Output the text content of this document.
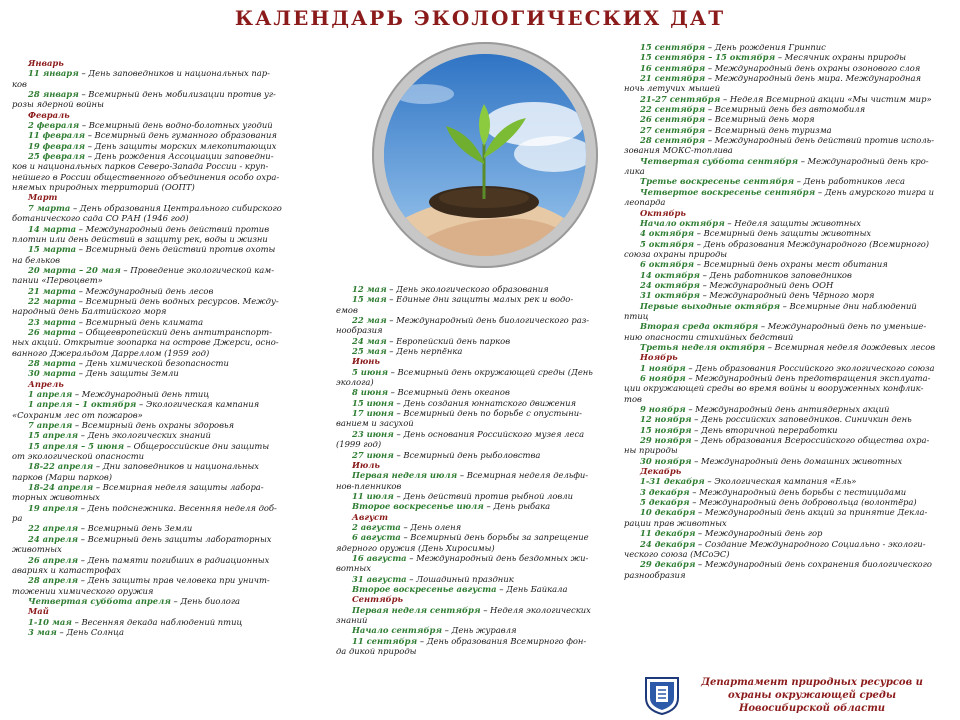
КАЛЕНДАРЬ ЭКОЛОГИЧЕСКИХ ДАТ

Январь

11 января – День заповедников и национальных пар-

ков

28 января – Всемирный день мобилизации против уг-

розы ядерной войны

Февраль

2 февраля – Всемирный день водно-болотных угодий

11 февраля – Всемирный день гуманного образования

19 февраля – День защиты морских млекопитающих

25 февраля – День рождения Ассоциации заповедни-

ков и национальных парков Северо-Запада России - круп-

нейшего в России общественного объединения особо охра-

няемых природных территорий (ООПТ)

Март

7 марта – День образования Центрального сибирского

ботанического сада СО РАН (1946 год)

14 марта – Международный день действий против

плотин или день действий в защиту рек, воды и жизни

15 марта – Всемирный день действий против охоты

на бельков

20 марта – 20 мая – Проведение экологической кам-

пании «Первоцвет»

21 марта – Международный день лесов

22 марта – Всемирный день водных ресурсов. Между-

народный день Балтийского моря

23 марта – Всемирный день климата

26 марта – Общеевропейский день антитранспорт-

ных акций. Открытие зоопарка на острове Джерси, осно-

ванного Джеральдом Дарреллом (1959 год)

28 марта – День химической безопасности

30 марта – День защиты Земли

Апрель

1 апреля – Международный день птиц

1 апреля – 1 октября – Экологическая кампания

«Сохраним лес от пожаров»

7 апреля – Всемирный день охраны здоровья

15 апреля – День экологических знаний

15 апреля – 5 июня – Общероссийские дни защиты

от экологической опасности

18-22 апреля – Дни заповедников и национальных

парков (Марш парков)

18-24 апреля – Всемирная неделя защиты лабора-

торных животных

19 апреля – День подснежника. Весенняя неделя доб-

ра

22 апреля – Всемирный день Земли

24 апреля – Всемирный день защиты лабораторных

животных

26 апреля – День памяти погибших в радиационных

авариях и катастрофах

28 апреля – День защиты прав человека при уничт-

тожении химического оружия

Четвертая суббота апреля – День биолога

Май

1-10 мая – Весенняя декада наблюдений птиц

3 мая – День Солнца

12 мая – День экологического образования

15 мая – Единые дни защиты малых рек и водо-

емов

22 мая – Международный день биологического раз-

нообразия

24 мая – Европейский день парков

25 мая – День нерпёнка

Июнь

5 июня – Всемирный день окружающей среды (День

эколога)

8 июня – Всемирный день океанов

15 июня – День создания юннатского движения

17 июня – Всемирный день по борьбе с опустыни-

ванием и засухой

23 июня – День основания Российского музея леса

(1999 год)

27 июня – Всемирный день рыболовства

Июль

Первая неделя июля – Всемирная неделя дельфи-

нов-пленников

11 июля – День действий против рыбной ловли

Второе воскресенье июля – День рыбака

Август

2 августа – День оленя

6 августа – Всемирный день борьбы за запрещение

ядерного оружия (День Хиросимы)

16 августа – Международный день бездомных жи-

вотных

31 августа – Лошадиный праздник

Второе воскресенье августа – День Байкала

Сентябрь

Первая неделя сентября – Неделя экологических

знаний

Начало сентября – День журавля

11 сентября – День образования Всемирного фон-

да дикой природы

15 сентября – День рождения Гринпис

15 сентября – 15 октября – Месячник охраны природы

16 сентября – Международный день охраны озонового слоя

21 сентября – Международный день мира. Международная

ночь летучих мышей

21-27 сентября – Неделя Всемирной акции «Мы чистим мир»

22 сентября – Всемирный день без автомобиля

26 сентября – Всемирный день моря

27 сентября – Всемирный день туризма

28 сентября – Международный день действий против исполь-

зования МОКС-топлива

Четвертая суббота сентября – Международный день кро-

лика

Третье воскресенье сентября – День работников леса

Четвертое воскресенье сентября – День амурского тигра и

леопарда

Октябрь

Начало октября – Неделя защиты животных

4 октября – Всемирный день защиты животных

5 октября – День образования Международного (Всемирного)

союза охраны природы

6 октября – Всемирный день охраны мест обитания

14 октября – День работников заповедников

24 октября – Международный день ООН

31 октября – Международный день Чёрного моря

Первые выходные октября – Всемирные дни наблюдений

птиц

Вторая среда октября – Международный день по уменьше-

нию опасности стихийных бедствий

Третья неделя октября – Всемирная неделя дождевых лесов

Ноябрь

1 ноября – День образования Российского экологического союза

6 ноября – Международный день предотвращения эксплуата-

ции окружающей среды во время войны и вооруженных конфлик-

тов

9 ноября – Международный день антиядерных акций

12 ноября – День российских заповедников. Синичкин день

15 ноября – День вторичной переработки

29 ноября – День образования Всероссийского общества охра-

ны природы

30 ноября – Международный день домашних животных

Декабрь

1-31 декабря – Экологическая кампания «Ель»

3 декабря – Международный день борьбы с пестицидами

5 декабря – Международный день добровольца (волонтёра)

10 декабря – Международный день акций за принятие Декла-

рации прав животных

11 декабря – Международный день гор

24 декабря – Создание Международного Социально - экологи-

ческого союза (МСоЭС)

29 декабря – Международный день сохранения биологического

разнообразия

Департамент природных ресурсов и
охраны окружающей среды
Новосибирской области
